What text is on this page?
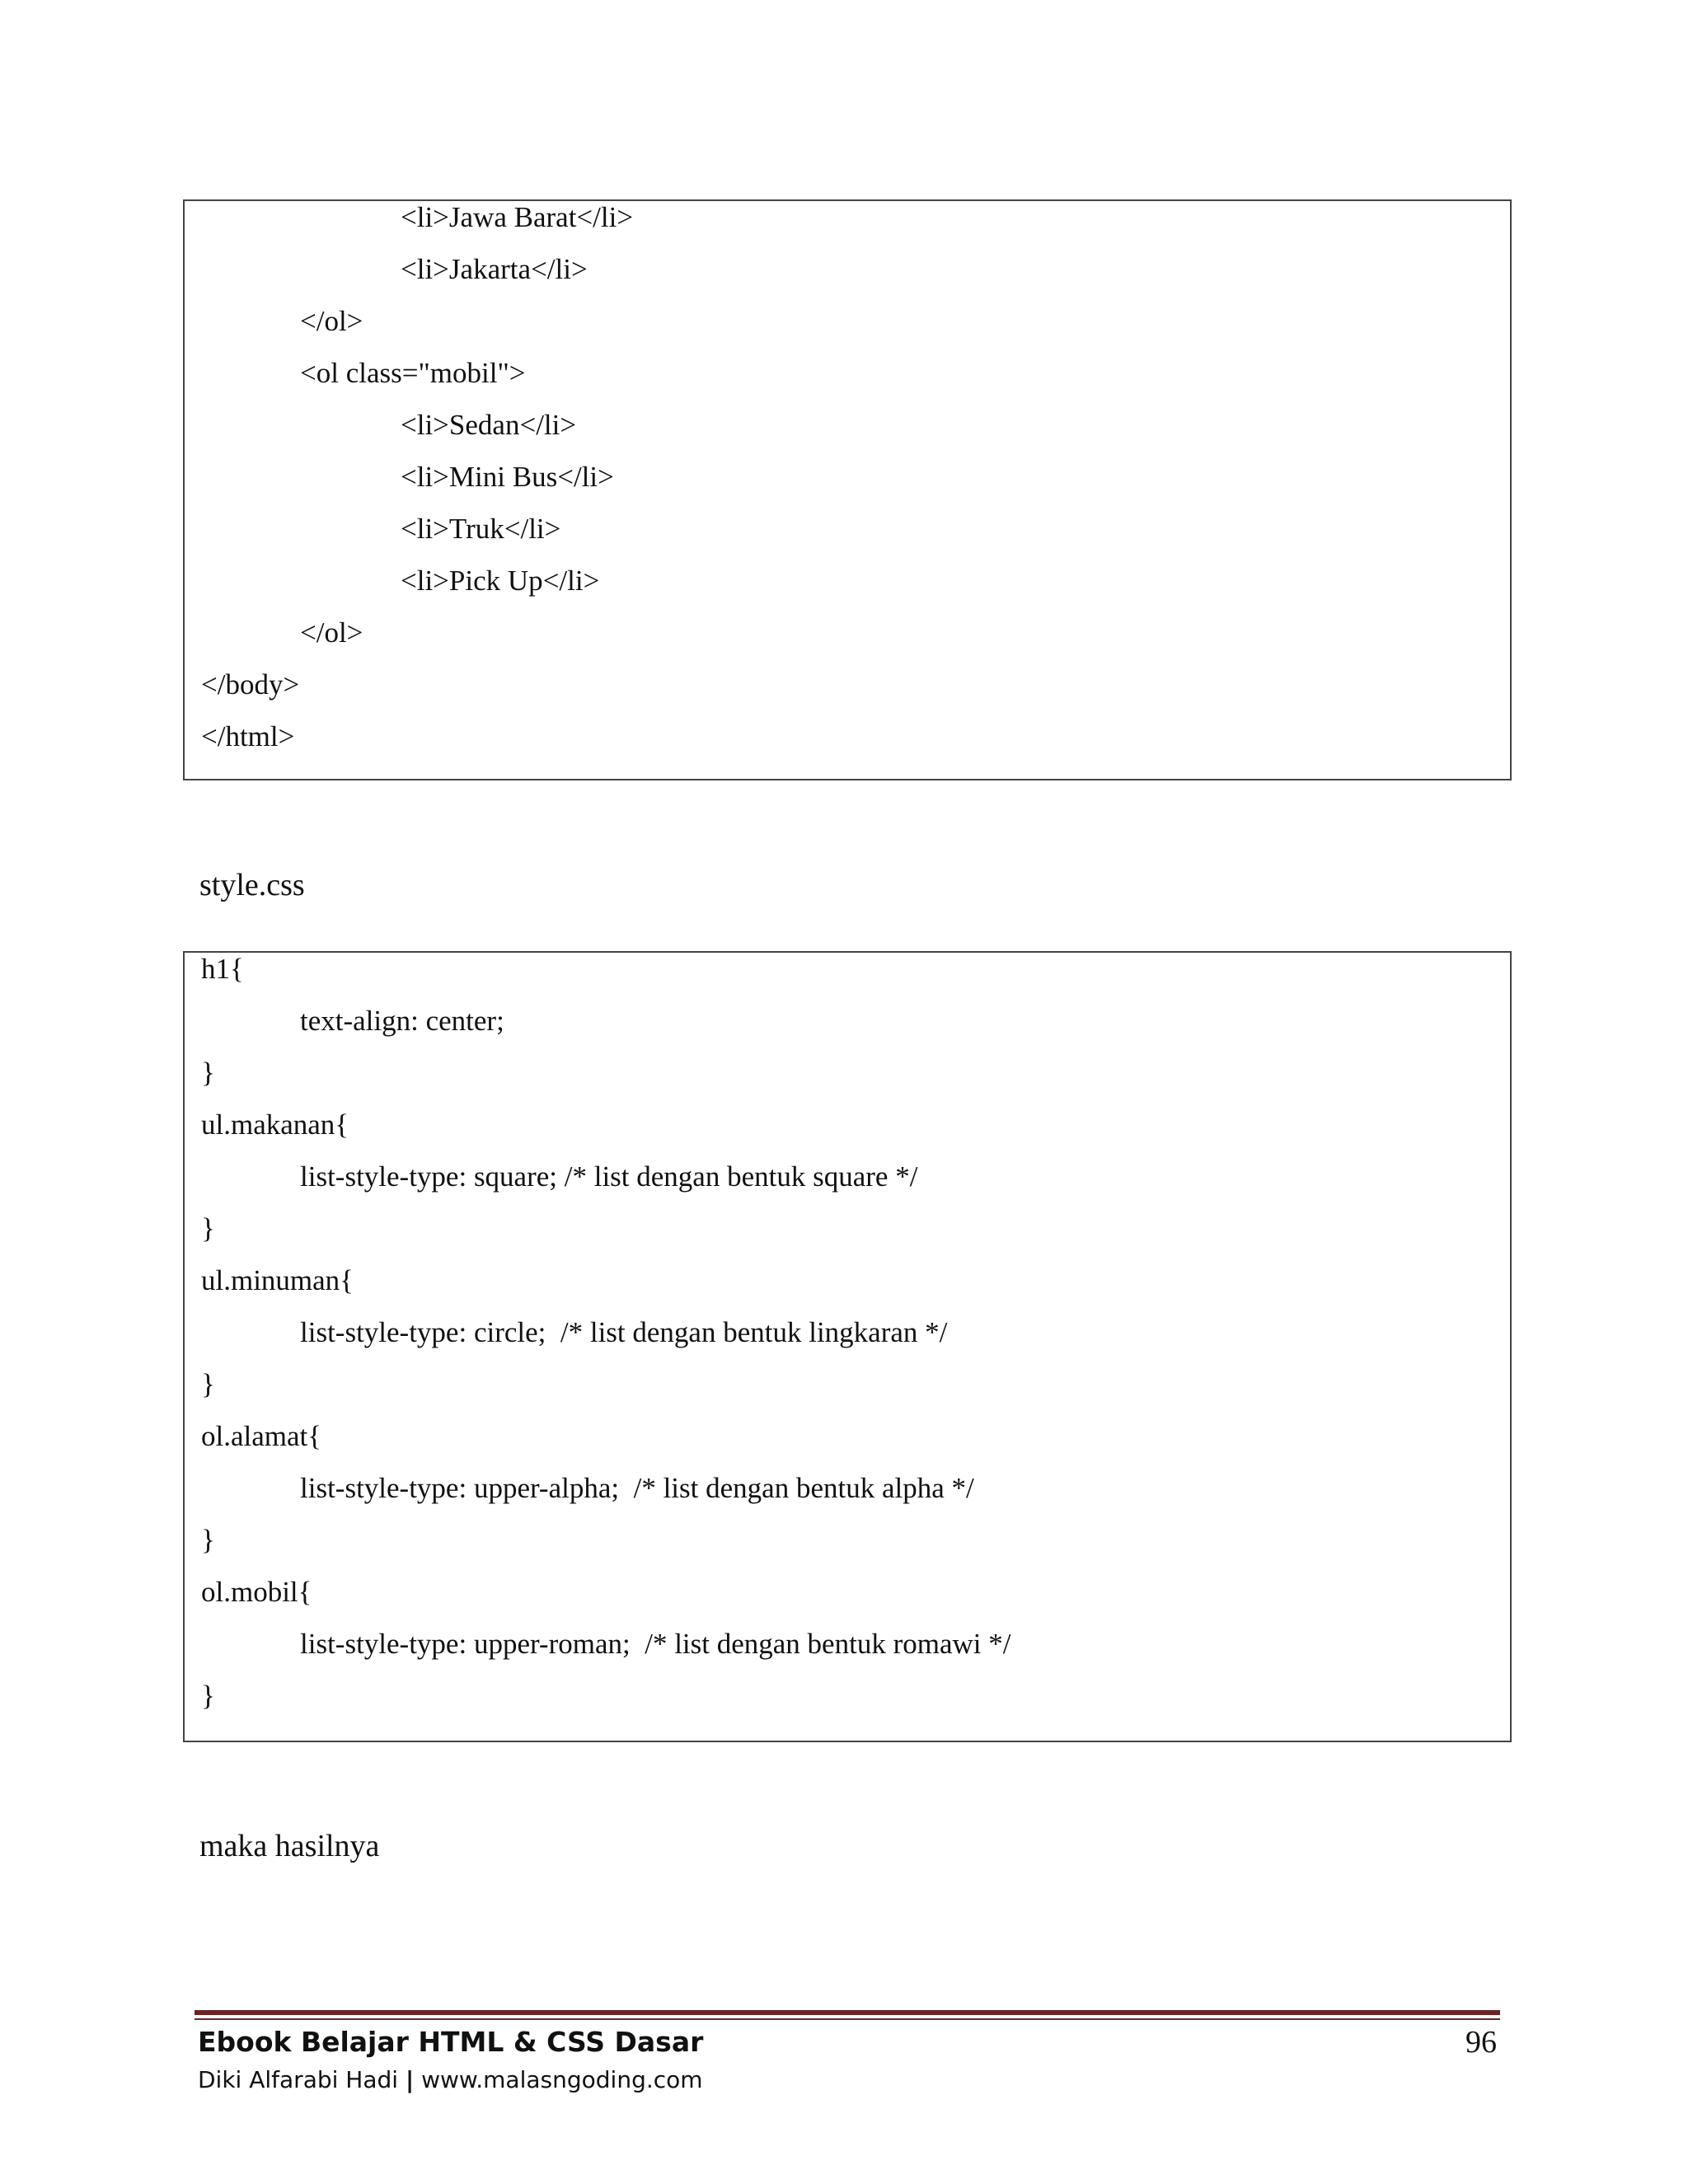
<li>Jawa Barat</li>
<li>Jakarta</li>
</ol>
<ol class="mobil">
<li>Sedan</li>
<li>Mini Bus</li>
<li>Truk</li>
<li>Pick Up</li>
</ol>
</body>
</html>
style.css
h1{
text-align: center;
}
ul.makanan{
list-style-type: square; /* list dengan bentuk square */
}
ul.minuman{
list-style-type: circle;  /* list dengan bentuk lingkaran */
}
ol.alamat{
list-style-type: upper-alpha;  /* list dengan bentuk alpha */
}
ol.mobil{
list-style-type: upper-roman;  /* list dengan bentuk romawi */
}
maka hasilnya
Ebook Belajar HTML & CSS Dasar
Diki Alfarabi Hadi | www.malasngoding.com
96
